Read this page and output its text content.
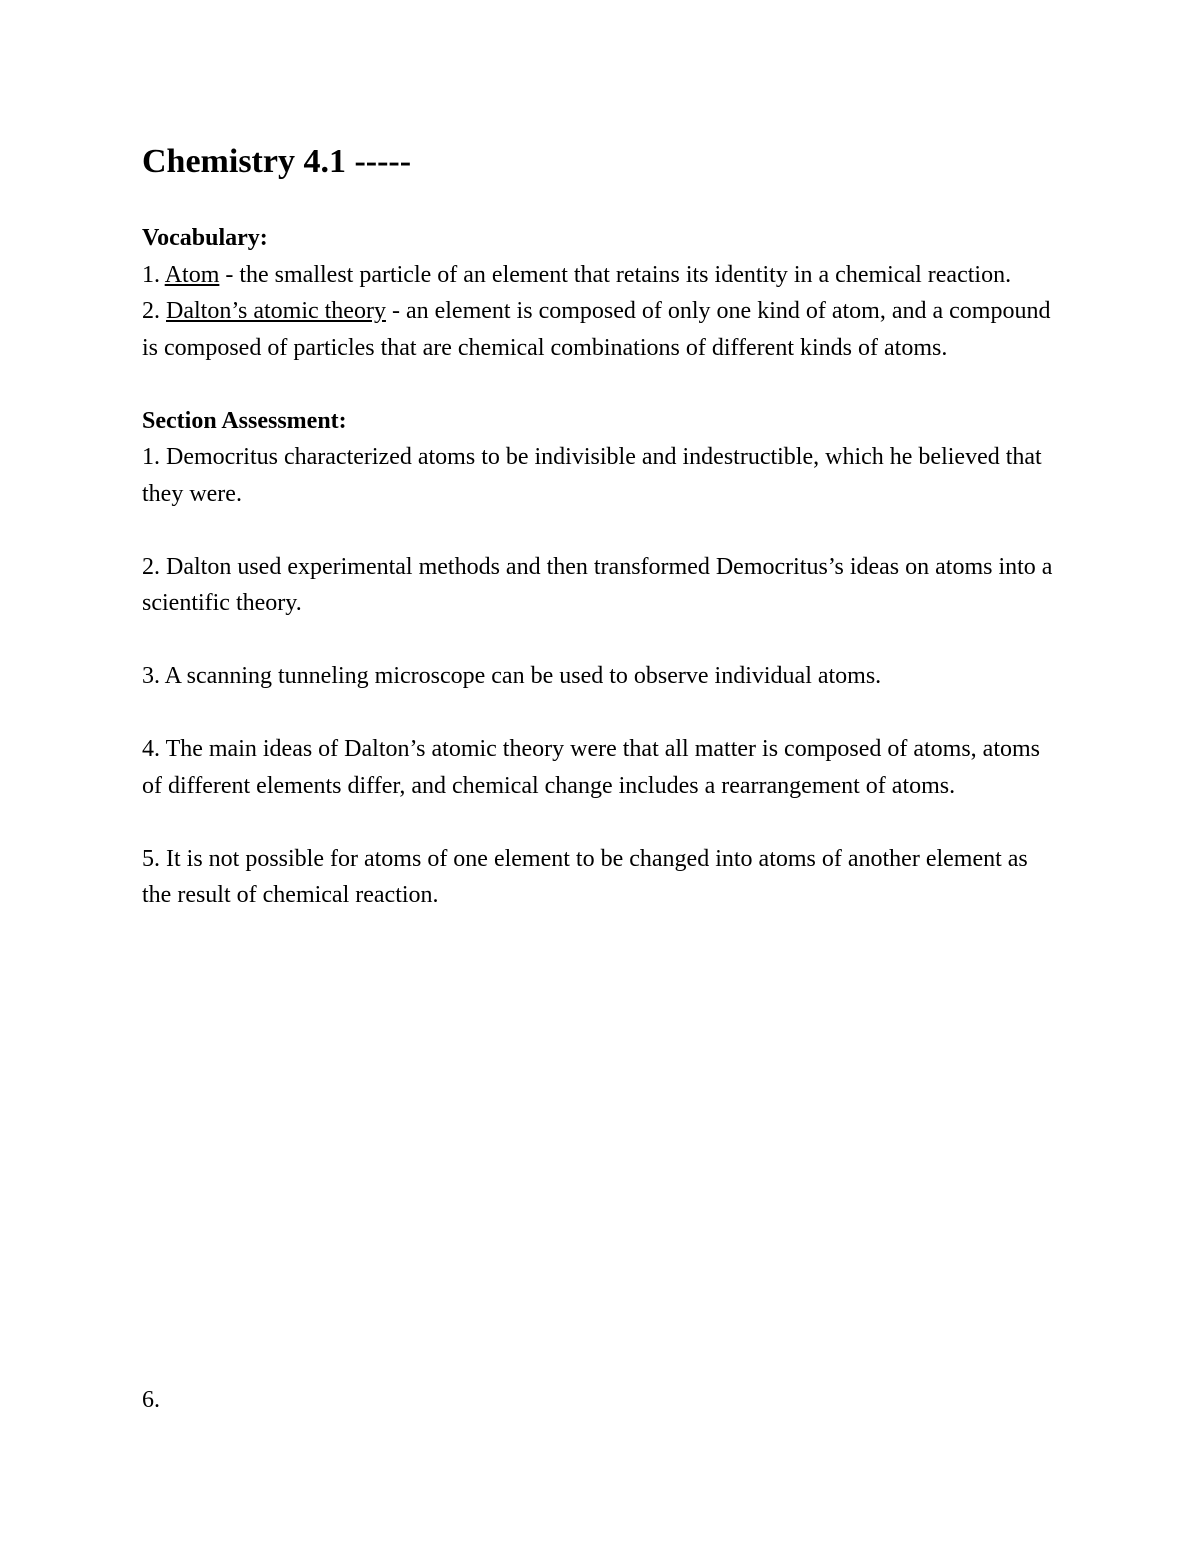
Chemistry 4.1 -----

Vocabulary:

1. Atom - the smallest particle of an element that retains its identity in a chemical reaction.

2. Dalton’s atomic theory - an element is composed of only one kind of atom, and a compound is composed of particles that are chemical combinations of different kinds of atoms.

Section Assessment:

1. Democritus characterized atoms to be indivisible and indestructible, which he believed that they were.

2. Dalton used experimental methods and then transformed Democritus’s ideas on atoms into a scientific theory.

3. A scanning tunneling microscope can be used to observe individual atoms.

4. The main ideas of Dalton’s atomic theory were that all matter is composed of atoms, atoms of different elements differ, and chemical change includes a rearrangement of atoms.

5. It is not possible for atoms of one element to be changed into atoms of another element as the result of chemical reaction.

6.
